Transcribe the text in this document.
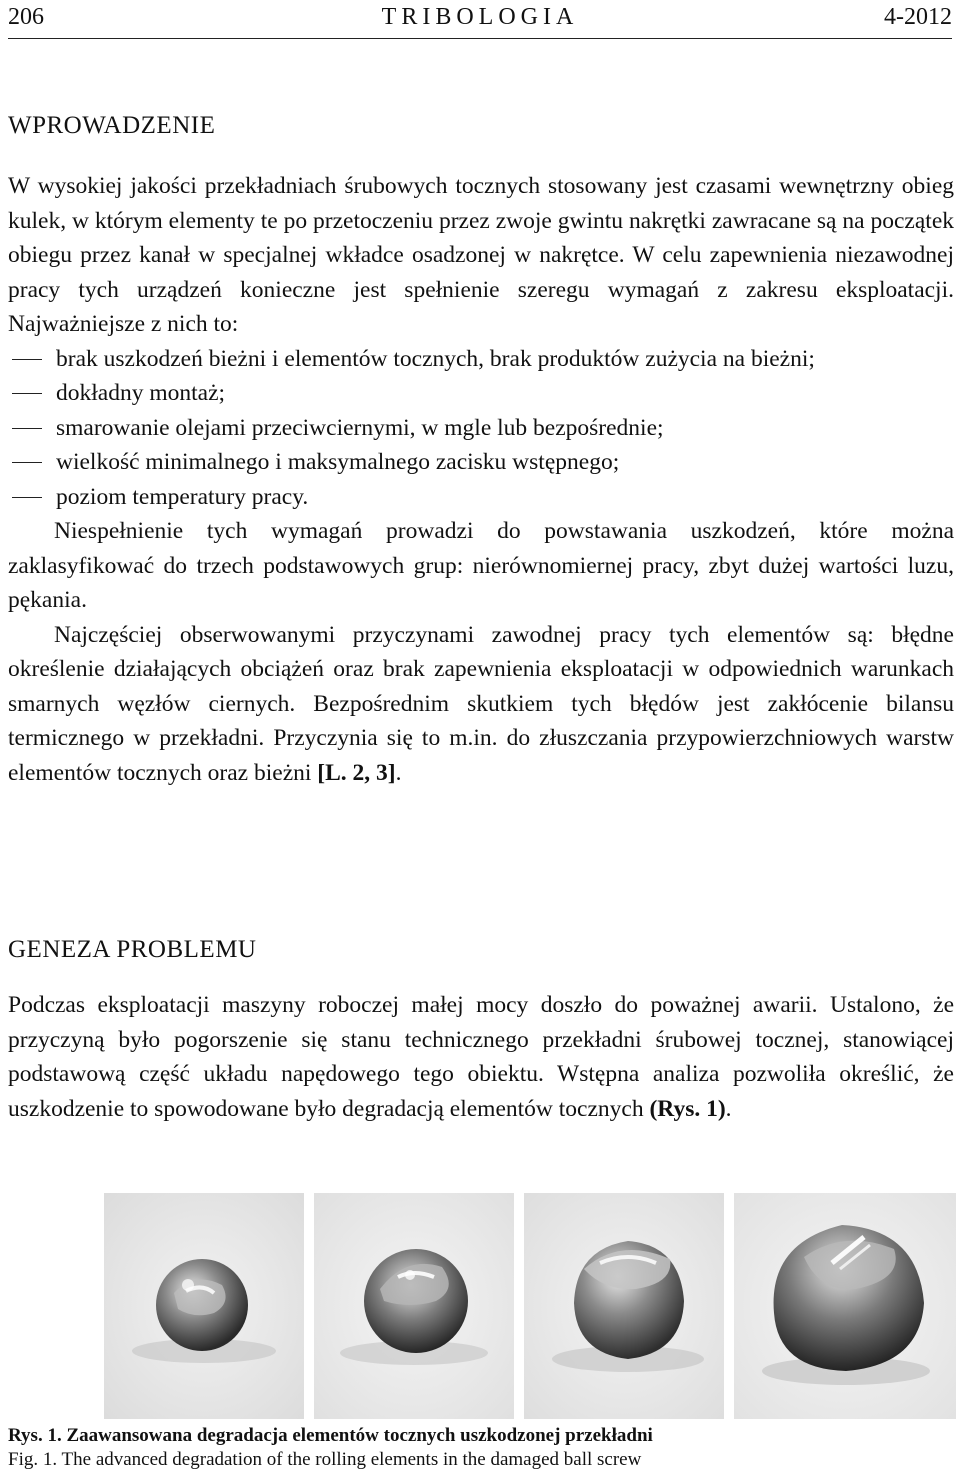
206	TRIBOLOGIA	4-2012
WPROWADZENIE

W wysokiej jakości przekładniach śrubowych tocznych stosowany jest czasami wewnętrzny obieg kulek, w którym elementy te po przetoczeniu przez zwoje gwintu nakrętki zawracane są na początek obiegu przez kanał w specjalnej wkładce osadzonej w nakrętce. W celu zapewnienia niezawodnej pracy tych urządzeń konieczne jest spełnienie szeregu wymagań z zakresu eksploatacji. Najważniejsze z nich to:

brak uszkodzeń bieżni i elementów tocznych, brak produktów zużycia na bieżni;
dokładny montaż;
smarowanie olejami przeciwciernymi, w mgle lub bezpośrednie;
wielkość minimalnego i maksymalnego zacisku wstępnego;
poziom temperatury pracy.

Niespełnienie tych wymagań prowadzi do powstawania uszkodzeń, które można zaklasyfikować do trzech podstawowych grup: nierównomiernej pracy, zbyt dużej wartości luzu, pękania.

Najczęściej obserwowanymi przyczynami zawodnej pracy tych elementów są: błędne określenie działających obciążeń oraz brak zapewnienia eksploatacji w odpowiednich warunkach smarnych węzłów ciernych. Bezpośrednim skutkiem tych błędów jest zakłócenie bilansu termicznego w przekładni. Przyczynia się to m.in. do złuszczania przypowierzchniowych warstw elementów tocznych oraz bieżni [L. 2, 3].

GENEZA PROBLEMU

Podczas eksploatacji maszyny roboczej małej mocy doszło do poważnej awarii. Ustalono, że przyczyną było pogorszenie się stanu technicznego przekładni śrubowej tocznej, stanowiącej podstawową część układu napędowego tego obiektu. Wstępna analiza pozwoliła określić, że uszkodzenie to spowodowane było degradacją elementów tocznych (Rys. 1).

Rys. 1. Zaawansowana degradacja elementów tocznych uszkodzonej przekładni
Fig. 1. The advanced degradation of the rolling elements in the damaged ball screw
